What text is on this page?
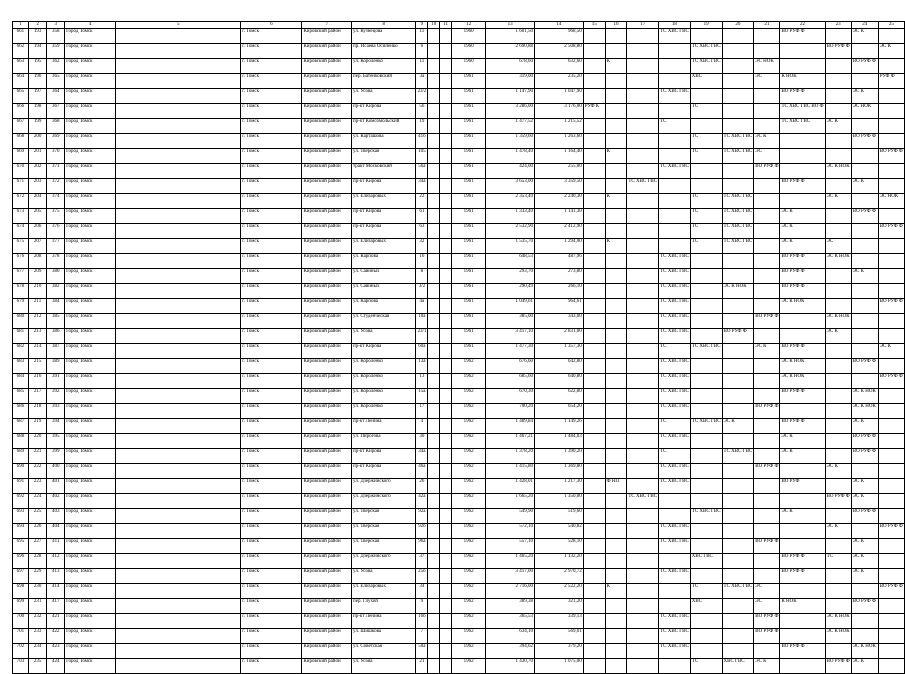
1	2	3	4	5	6	7	8	9	10	11	12	13	14	15	16	17	18	19	20	21	22	23	24	25
661	193	358	Город Томск		г. Томск	Кировский район	ул. Кузнецова	11			1960	1 601,50	968,50				ТС ХВС ГВС				ВО РУФ Ф		ЭС К	
662	194	359	Город Томск		г. Томск	Кировский район	пр. Исаева Осипенко	6			1960	2 690,88	2 508,80					ТС ХВС ГВС				ВО РУФ Ф		ЭС К
663	195	362	Город Томск		г. Томск	Кировский район	ул. Королёнко	11			1960	678,60	632,60		К			ТС ХВС ГВС		ЭС НОК			ВО РУФ Ф	
664	196	365	Город Томск		г. Томск	Кировский район	пер. Батенковский	3а			1961	319,00	235,20					ХВС		ЭС	К НОК			РУФ Ф
665	197	364	Город Томск		г. Томск	Кировский район	ул. Усова	23/2			1961	1 147,90	1 047,90				ТС ХВС ГВС				ВО РУФ Ф		ЭС К	
666	198	367	Город Томск		г. Томск	Кировский район	пр-кт Кирова	56			1961	3 286,00	3 176,00	РУФ К				ТС			ТС ХВС ГВС ВО Ф		ЭС НОК	
667	199	368	Город Томск		г. Томск	Кировский район	пр-кт Комсомольский	19			1961	1 477,52	1 215,52				ТС				ТС ХВС ГВС	ЭС К		
668	200	369	Город Томск		г. Томск	Кировский район	ул. Карташова	41б			1961	1 359,60	1 263,60					ТС	ТС ХВС ГВС	ЭС К			ВО РУФ Ф	
669	201	370	Город Томск		г. Томск	Кировский район	ул. Тверская	105			1961	1 478,40	1 164,40		К			ТС	ТС ХВС ГВС	ЭС				ВО РУФ Ф
670	202	371	Город Томск		г. Томск	Кировский район	тракт Московский	56а			1961	424,00	255,00				ТС ХВС ГВС			ВО РУФ Ф		ЭС К НОК		
671	203	372	Город Томск		г. Томск	Кировский район	пр-кт Кирова	34а			1961	3 653,00	3 359,50			ТС ХВС ГВС					ВО РУФ Ф		ЭС К	
672	204	374	Город Томск		г. Томск	Кировский район	ул. Елизаровых	22			1961	2 353,40	2 240,30		К			ТС	ТС ХВС ГВС			ЭС К		ЭС НОК
673	205	375	Город Томск		г. Томск	Кировский район	пр-кт Кирова	61			1961	1 333,40	1 141,30					ТС	ТС ХВС ГВС		ЭС К		ВО РУФ Ф	
674	206	376	Город Томск		г. Томск	Кировский район	пр-кт Кирова	63			1961	2 532,90	2 412,90					ТС	ТС ХВС ГВС		ЭС К			ВО РУФ Ф
675	207	377	Город Томск		г. Томск	Кировский район	ул. Елизаровых	32			1961	1 535,70	1 294,00		К			ТС	ТС ХВС ГВС		ЭС К	ЭС		
676	208	378	Город Томск		г. Томск	Кировский район	ул. Карпова	16			1961	648,53	487,96				ТС ХВС ГВС				ВО РУФ Ф	ЭС К НОК		
677	209	380	Город Томск		г. Томск	Кировский район	ул. Савиных	8			1961	293,70	273,80				ТС ХВС ГВС				ВО РУФ Ф		ЭС К	
678	210	382	Город Томск		г. Томск	Кировский район	ул. Савиных	3/2			1961	290,49	266,10				ТС ХВС ГВС		ЭС К НОК		ВО РУФ Ф			
679	211	384	Город Томск		г. Томск	Кировский район	ул. Карпова	4а			1961	1 049,61	964,61				ТС ХВС ГВС				ЭС К НОК			ВО РУФ Ф
680	212	385	Город Томск		г. Томск	Кировский район	ул. Студенческая	10а			1961	385,00	343,00				ТС ХВС ГВС			ВО РУФ Ф		ЭС К НОК		
681	213	386	Город Томск		г. Томск	Кировский район	ул. Усова	23/1			1961	3 417,10	2 831,00				ТС ХВС ГВС		ВО РУФ Ф			ЭС К		
682	214	387	Город Томск		г. Томск	Кировский район	пр-кт Кирова	60а			1961	1 477,30	1 357,30				ТС	ТС ХВС ГВС		ЭС К	ВО РУФ Ф			ЭС К
683	215	389	Город Томск		г. Томск	Кировский район	ул. Королёнко	13а			1962	676,60	642,80				ТС ХВС ГВС				ЭС К НОК		ВО РУФ Ф	
684	216	391	Город Томск		г. Томск	Кировский район	ул. Королёнко	13			1962	685,60	640,80				ТС ХВС ГВС				ЭС К НОК			ВО РУФ Ф
685	217	392	Город Томск		г. Томск	Кировский район	ул. Королёнко	15а			1962	670,30	622,80				ТС ХВС ГВС				ВО РУФ Ф		ЭС К НОК	
686	218	393	Город Томск		г. Томск	Кировский район	ул. Королёнко	17			1962	700,20	654,20				ТС ХВС ГВС			ВО РУФ Ф			ЭС К НОК	
687	219	394	Город Томск		г. Томск	Кировский район	пр-кт Ленина	4			1962	1 489,84	1 149,26				ТС	ТС ХВС ГВС	ЭС К		ВО РУФ Ф		ЭС К	
688	220	395	Город Томск		г. Томск	Кировский район	ул. Пирогова	30			1962	1 467,21	1 484,03				ТС ХВС ГВС				ЭС К		ВО РУФ Ф	
689	221	399	Город Томск		г. Томск	Кировский район	пр-кт Кирова	34а			1962	1 378,20	1 390,20				ТС		ТС ХВС ГВС		ЭС К		ВО РУФ Ф	
690	222	400	Город Томск		г. Томск	Кировский район	пр-кт Кирова	46а			1962	1 415,80	1 369,80				ТС ХВС ГВС			ВО РУФ Ф		ЭС К		
691	223	401	Город Томск		г. Томск	Кировский район	ул. Дзержинского	26			1962	1 428,01	1 217,30		Ф НП		ТС ХВС ГВС				ВО РУФ		ЭС К	
692	224	402	Город Томск		г. Томск	Кировский район	ул. Дзержинского	42а			1962	1 665,20	1 350,00			ТС ХВС ГВС						ВО РУФ Ф	ЭС К	
693	225	403	Город Томск		г. Томск	Кировский район	ул. Тверская	92а			1962	549,90	519,60					ТС ХВС ГВС			ЭС К		ВО РУФ Ф	
694	226	404	Город Томск		г. Томск	Кировский район	ул. Тверская	92б			1962	572,10	540,82				ТС ХВС ГВС					ЭС К		ВО РУФ Ф
695	227	411	Город Томск		г. Томск	Кировский район	ул. Тверская	96а			1962	557,10	528,10				ТС ХВС ГВС			ВО РУФ Ф			ЭС К	
696	228	412	Город Томск		г. Томск	Кировский район	ул. Дзержинского	37			1962	1 465,20	1 132,20					ХВС ГВС			ВО РУФ Ф	ТС	ЭС К	
697	229	413	Город Томск		г. Томск	Кировский район	ул. Усова	25б			1962	3 417,00	2 970,72				ТС ХВС ГВС				ВО РУФ Ф		ЭС К	
698	230	414	Город Томск		г. Томск	Кировский район	ул. Елизаровых	34			1962	2 716,00	2 522,20		К			ТС	ТС ХВС ГВС	ЭС				ВО РУФ Ф
699	231	417	Город Томск		г. Томск	Кировский район	пер. Глухой	9			1962	389,38	321,20					ХВС		ЭС	К НОК		ВО РУФ Ф	
700	232	421	Город Томск		г. Томск	Кировский район	пр-кт Ленина	16б			1962	365,53	339,13				ТС ХВС ГВС			ВО РУФ Ф		ЭС К НОК		
701	233	422	Город Томск		г. Томск	Кировский район	ул. Шишкова	7			1962	634,10	569,01				ТС ХВС ГВС			ВО РУФ Ф		ЭС К НОК		
702	234	423	Город Томск		г. Томск	Кировский район	ул. Советская	50а			1962	394,62	379,20				ТС ХВС ГВС				ВО РУФ Ф		ЭС К НОК	
703	235	424	Город Томск		г. Томск	Кировский район	ул. Усова	21			1962	1 430,70	1 075,00					ТС	ХВС ГВС	ЭС К		ВО РУФ Ф	ЭС К	
